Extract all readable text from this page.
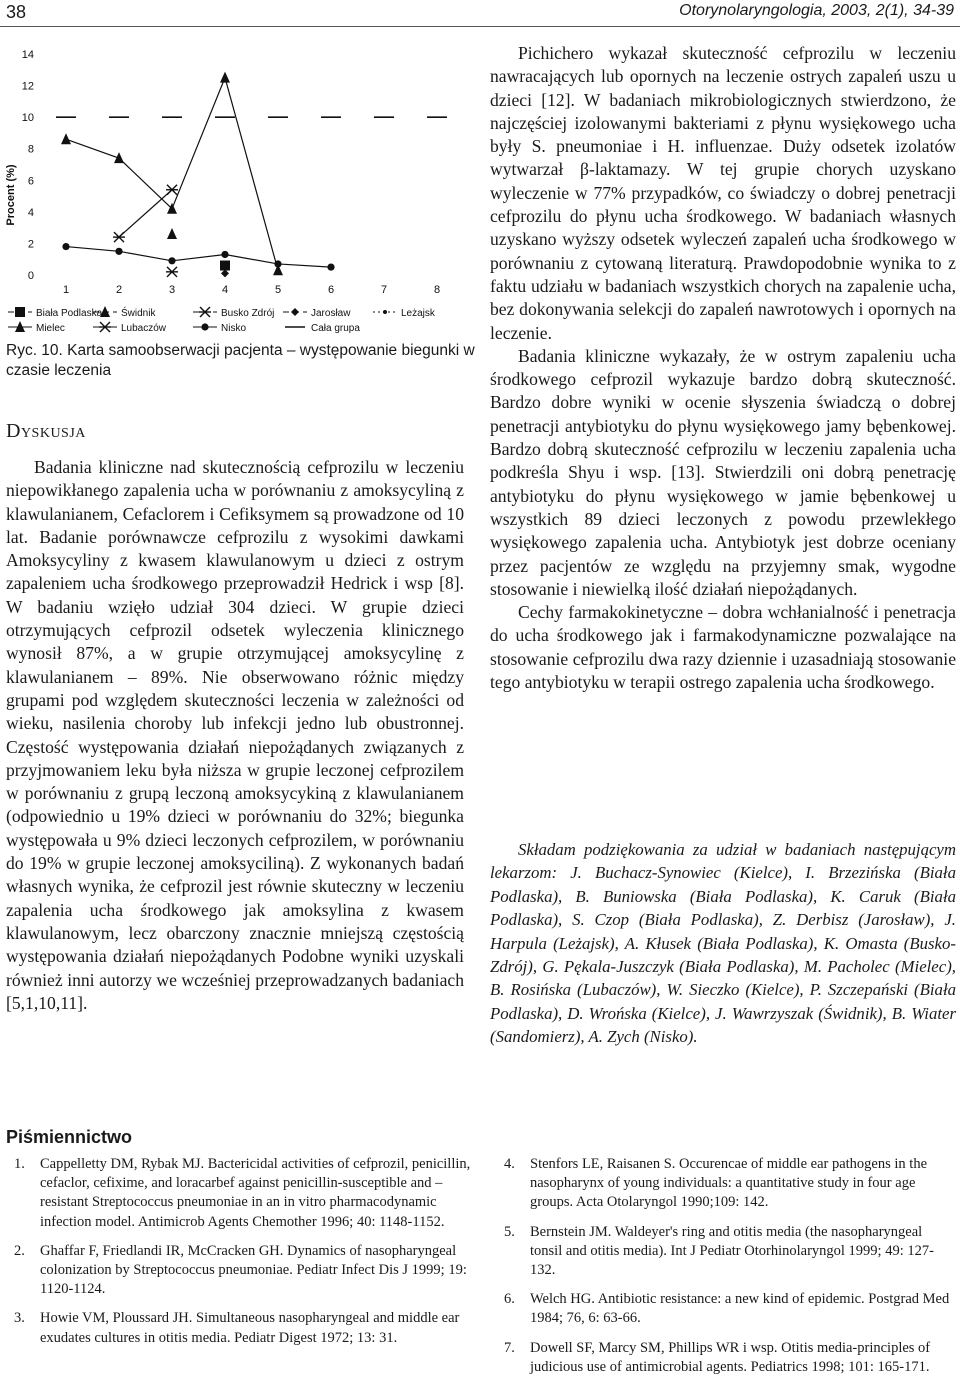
38	Otorynolaryngologia, 2003, 2(1), 34-39
Procent (%)
0
2
4
6
8
10
12
14
1	2	3	4	5	6	7	8
Biała Podlaska Świdnik	Busko Zdrój	Jarosław	Leżajsk
Mielec	Lubaczów	Nisko	Cała grupa
Ryc. 10. Karta samoobserwacji pacjenta – występowanie biegunki w czasie leczenia
Dyskusja

Badania kliniczne nad skutecznością cefprozilu w leczeniu niepowikłanego zapalenia ucha w porównaniu z amoksycyliną z klawulanianem, Cefaclorem i Cefiksymem są prowadzone od 10 lat. Badanie porównawcze cefprozilu z wysokimi dawkami Amoksycyliny z kwasem klawulanowym u dzieci z ostrym zapaleniem ucha środkowego przeprowadził Hedrick i wsp [8]. W badaniu wzięło udział 304 dzieci. W grupie dzieci otrzymujących cefprozil odsetek wyleczenia klinicznego wynosił 87%, a w grupie otrzymującej amoksycylinę z klawulanianem – 89%. Nie obserwowano różnic między grupami pod względem skuteczności leczenia w zależności od wieku, nasilenia choroby lub infekcji jedno lub obustronnej. Częstość występowania działań niepożądanych związanych z przyjmowaniem leku była niższa w grupie leczonej cefprozilem w porównaniu z grupą leczoną amoksycykiną z klawulanianem (odpowiednio u 19% dzieci w porównaniu do 32%; biegunka występowała u 9% dzieci leczonych cefprozilem, w porównaniu do 19% w grupie leczonej amoksyciliną). Z wykonanych badań własnych wynika, że cefprozil jest równie skuteczny w leczeniu zapalenia ucha środkowego jak amoksylina z kwasem klawulanowym, lecz obarczony znacznie mniejszą częstością występowania działań niepożądanych Podobne wyniki uzyskali również inni autorzy we wcześniej przeprowadzanych badaniach [5,1,10,11].

Pichichero wykazał skuteczność cefprozilu w leczeniu nawracających lub opornych na leczenie ostrych zapaleń uszu u dzieci [12]. W badaniach mikrobiologicznych stwierdzono, że najczęściej izolowanymi bakteriami z płynu wysiękowego ucha były S. pneumoniae i H. influenzae. Duży odsetek izolatów wytwarzał β-laktamazy. W tej grupie chorych uzyskano wyleczenie w 77% przypadków, co świadczy o dobrej penetracji cefprozilu do płynu ucha środkowego. W badaniach własnych uzyskano wyższy odsetek wyleczeń zapaleń ucha środkowego w porównaniu z cytowaną literaturą. Prawdopodobnie wynika to z faktu udziału w badaniach wszystkich chorych na zapalenie ucha, bez dokonywania selekcji do zapaleń nawrotowych i opornych na leczenie.

Badania kliniczne wykazały, że w ostrym zapaleniu ucha środkowego cefprozil wykazuje bardzo dobrą skuteczność. Bardzo dobre wyniki w ocenie słyszenia świadczą o dobrej penetracji antybiotyku do płynu wysiękowego jamy bębenkowej. Bardzo dobrą skuteczność cefprozilu w leczeniu zapalenia ucha podkreśla Shyu i wsp. [13]. Stwierdzili oni dobrą penetrację antybiotyku do płynu wysiękowego w jamie bębenkowej u wszystkich 89 dzieci leczonych z powodu przewlekłego wysiękowego zapalenia ucha. Antybiotyk jest dobrze oceniany przez pacjentów ze względu na przyjemny smak, wygodne stosowanie i niewielką ilość działań niepożądanych.

Cechy farmakokinetyczne – dobra wchłanialność i penetracja do ucha środkowego jak i farmakodynamiczne pozwalające na stosowanie cefprozilu dwa razy dziennie i uzasadniają stosowanie tego antybiotyku w terapii ostrego zapalenia ucha środkowego.

Składam podziękowania za udział w badaniach następującym lekarzom: J. Buchacz-Synowiec (Kielce), I. Brzezińska (Biała Podlaska), B. Buniowska (Biała Podlaska), K. Caruk (Biała Podlaska), S. Czop (Biała Podlaska), Z. Derbisz (Jarosław), J. Harpula (Leżajsk), A. Kłusek (Biała Podlaska), K. Omasta (Busko-Zdrój), G. Pękala-Juszczyk (Biała Podlaska), M. Pacholec (Mielec), B. Rosińska (Lubaczów), W. Sieczko (Kielce), P. Szczepański (Biała Podlaska), D. Wrońska (Kielce), J. Wawrzyszak (Świdnik), B. Wiater (Sandomierz), A. Zych (Nisko).

Piśmiennictwo
1. Cappelletty DM, Rybak MJ. Bactericidal activities of cefprozil, penicillin, cefaclor, cefixime, and loracarbef against penicillin-susceptible and – resistant Streptococcus pneumoniae in an in vitro pharmacodynamic infection model. Antimicrob Agents Chemother 1996; 40: 1148-1152.
2. Ghaffar F, Friedlandi IR, McCracken GH. Dynamics of nasopharyngeal colonization by Streptococcus pneumoniae. Pediatr Infect Dis J 1999; 19: 1120-1124.
3. Howie VM, Ploussard JH. Simultaneous nasopharyngeal and middle ear exudates cultures in otitis media. Pediatr Digest 1972; 13: 31.
4. Stenfors LE, Raisanen S. Occurencae of middle ear pathogens in the nasopharynx of young individuals: a quantitative study in four age groups. Acta Otolaryngol 1990;109: 142.
5. Bernstein JM. Waldeyer's ring and otitis media (the nasopharyngeal tonsil and otitis media). Int J Pediatr Otorhinolaryngol 1999; 49: 127-132.
6. Welch HG. Antibiotic resistance: a new kind of epidemic. Postgrad Med 1984; 76, 6: 63-66.
7. Dowell SF, Marcy SM, Phillips WR i wsp. Otitis media-principles of judicious use of antimicrobial agents. Pediatrics 1998; 101: 165-171.
